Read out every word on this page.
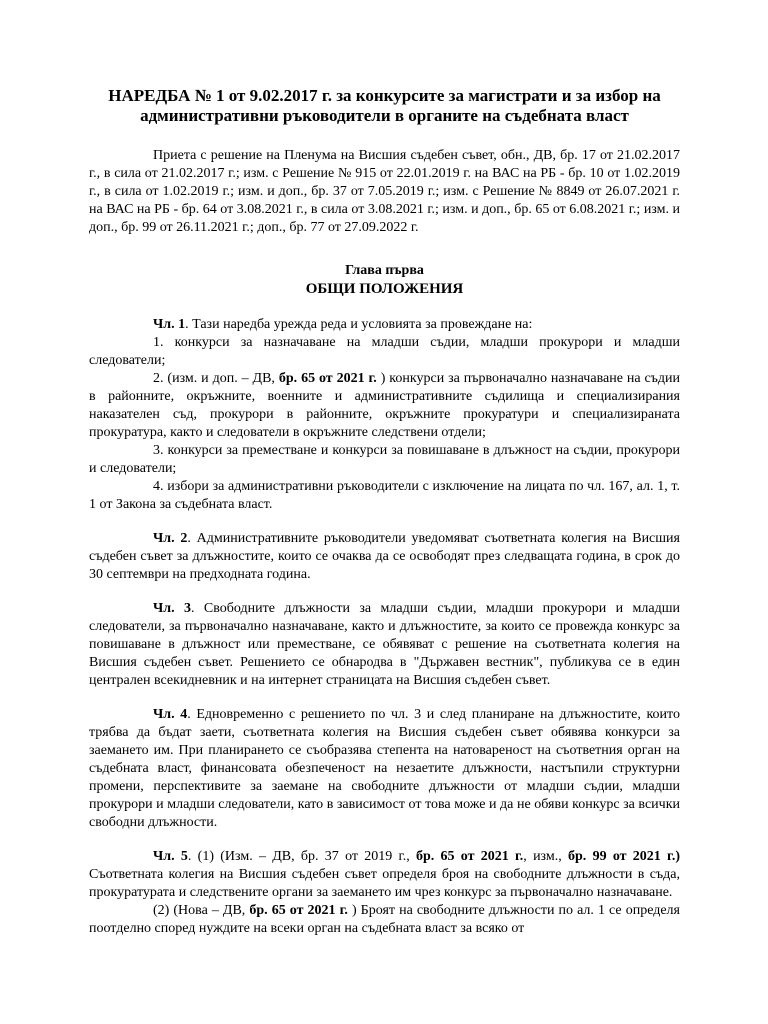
НАРЕДБА № 1 от 9.02.2017 г. за конкурсите за магистрати и за избор на административни ръководители в органите на съдебната власт

Приета с решение на Пленума на Висшия съдебен съвет, обн., ДВ, бр. 17 от 21.02.2017 г., в сила от 21.02.2017 г.; изм. с Решение № 915 от 22.01.2019 г. на ВАС на РБ - бр. 10 от 1.02.2019 г., в сила от 1.02.2019 г.; изм. и доп., бр. 37 от 7.05.2019 г.; изм. с Решение № 8849 от 26.07.2021 г. на ВАС на РБ - бр. 64 от 3.08.2021 г., в сила от 3.08.2021 г.; изм. и доп., бр. 65 от 6.08.2021 г.; изм. и доп., бр. 99 от 26.11.2021 г.; доп., бр. 77 от 27.09.2022 г.

Глава първа
ОБЩИ ПОЛОЖЕНИЯ

Чл. 1. Тази наредба урежда реда и условията за провеждане на:

1. конкурси за назначаване на младши съдии, младши прокурори и младши следователи;

2. (изм. и доп. – ДВ, бр. 65 от 2021 г. ) конкурси за първоначално назначаване на съдии в районните, окръжните, военните и административните съдилища и специализирания наказателен съд, прокурори в районните, окръжните прокуратури и специализираната прокуратура, както и следователи в окръжните следствени отдели;

3. конкурси за преместване и конкурси за повишаване в длъжност на съдии, прокурори и следователи;

4. избори за административни ръководители с изключение на лицата по чл. 167, ал. 1, т. 1 от Закона за съдебната власт.

Чл. 2. Административните ръководители уведомяват съответната колегия на Висшия съдебен съвет за длъжностите, които се очаква да се освободят през следващата година, в срок до 30 септември на предходната година.

Чл. 3. Свободните длъжности за младши съдии, младши прокурори и младши следователи, за първоначално назначаване, както и длъжностите, за които се провежда конкурс за повишаване в длъжност или преместване, се обявяват с решение на съответната колегия на Висшия съдебен съвет. Решението се обнародва в "Държавен вестник", публикува се в един централен всекидневник и на интернет страницата на Висшия съдебен съвет.

Чл. 4. Едновременно с решението по чл. 3 и след планиране на длъжностите, които трябва да бъдат заети, съответната колегия на Висшия съдебен съвет обявява конкурси за заемането им. При планирането се съобразява степента на натовареност на съответния орган на съдебната власт, финансовата обезпеченост на незаетите длъжности, настъпили структурни промени, перспективите за заемане на свободните длъжности от младши съдии, младши прокурори и младши следователи, като в зависимост от това може и да не обяви конкурс за всички свободни длъжности.

Чл. 5. (1) (Изм. – ДВ, бр. 37 от 2019 г., бр. 65 от 2021 г., изм., бр. 99 от 2021 г.) Съответната колегия на Висшия съдебен съвет определя броя на свободните длъжности в съда, прокуратурата и следствените органи за заемането им чрез конкурс за първоначално назначаване.

(2) (Нова – ДВ, бр. 65 от 2021 г. ) Броят на свободните длъжности по ал. 1 се определя поотделно според нуждите на всеки орган на съдебната власт за всяко от
